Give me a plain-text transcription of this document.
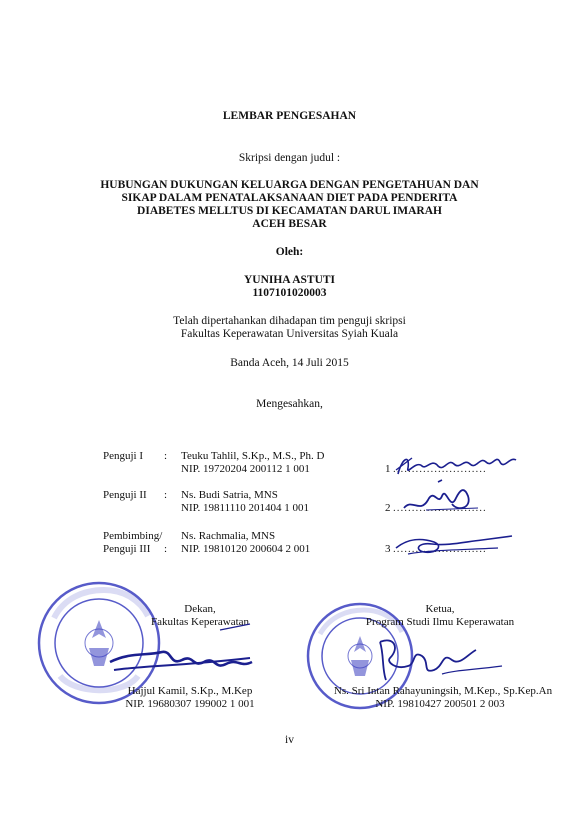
LEMBAR PENGESAHAN
Skripsi dengan judul :
HUBUNGAN DUKUNGAN KELUARGA DENGAN PENGETAHUAN DAN
SIKAP DALAM PENATALAKSANAAN DIET PADA PENDERITA
DIABETES MELLTUS DI KECAMATAN DARUL IMARAH
ACEH BESAR
Oleh:
YUNIHA ASTUTI
1107101020003
Telah dipertahankan dihadapan tim penguji skripsi
Fakultas Keperawatan Universitas Syiah Kuala
Banda Aceh, 14 Juli 2015
Mengesahkan,
Penguji I : Teuku Tahlil, S.Kp., M.S., Ph. D
NIP. 19720204 200112 1 001	1 .........................
Penguji II : Ns. Budi Satria, MNS
NIP. 19811110 201404 1 001	2 .........................
Pembimbing/
Penguji III :
Ns. Rachmalia, MNS
NIP. 19810120 200604 2 001	3 .........................
Dekan,
Fakultas Keperawatan
Hajjul Kamil, S.Kp., M.Kep
NIP. 19680307 199002 1 001
Ketua,
Program Studi Ilmu Keperawatan
Ns. Sri Intan Rahayuningsih, M.Kep., Sp.Kep.An
NIP. 19810427 200501 2 003
iv
